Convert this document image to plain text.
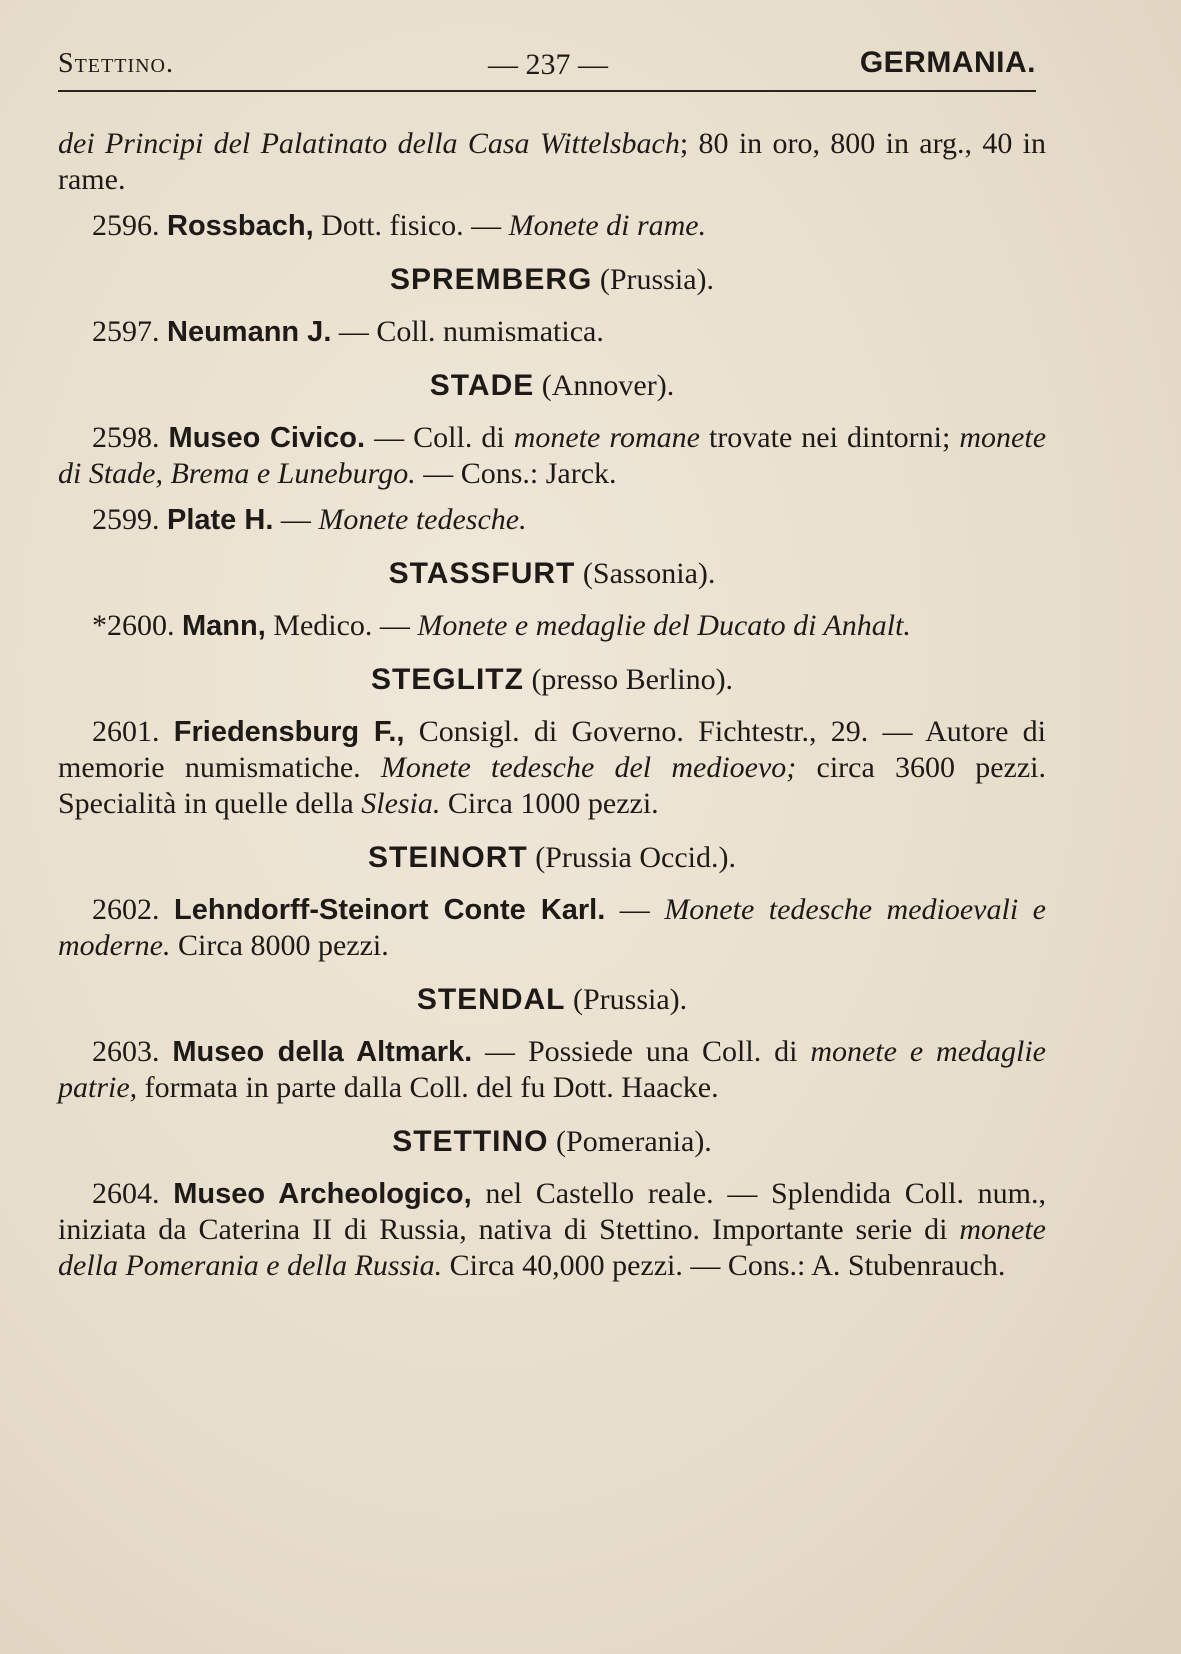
Stettino.	— 237 —	GERMANIA.

dei Principi del Palatinato della Casa Wittelsbach; 80 in oro, 800 in arg., 40 in rame.

2596. Rossbach, Dott. fisico. — Monete di rame.

SPREMBERG (Prussia).

2597. Neumann J. — Coll. numismatica.

STADE (Annover).

2598. Museo Civico. — Coll. di monete romane trovate nei dintorni; monete di Stade, Brema e Luneburgo. — Cons.: Jarck.

2599. Plate H. — Monete tedesche.

STASSFURT (Sassonia).

*2600. Mann, Medico. — Monete e medaglie del Ducato di Anhalt.

STEGLITZ (presso Berlino).

2601. Friedensburg F., Consigl. di Governo. Fichtestr., 29. — Autore di memorie numismatiche. Monete tedesche del medioevo; circa 3600 pezzi. Specialità in quelle della Slesia. Circa 1000 pezzi.

STEINORT (Prussia Occid.).

2602. Lehndorff-Steinort Conte Karl. — Monete tedesche medioevali e moderne. Circa 8000 pezzi.

STENDAL (Prussia).

2603. Museo della Altmark. — Possiede una Coll. di monete e medaglie patrie, formata in parte dalla Coll. del fu Dott. Haacke.

STETTINO (Pomerania).

2604. Museo Archeologico, nel Castello reale. — Splendida Coll. num., iniziata da Caterina II di Russia, nativa di Stettino. Importante serie di monete della Pomerania e della Russia. Circa 40,000 pezzi. — Cons.: A. Stubenrauch.
